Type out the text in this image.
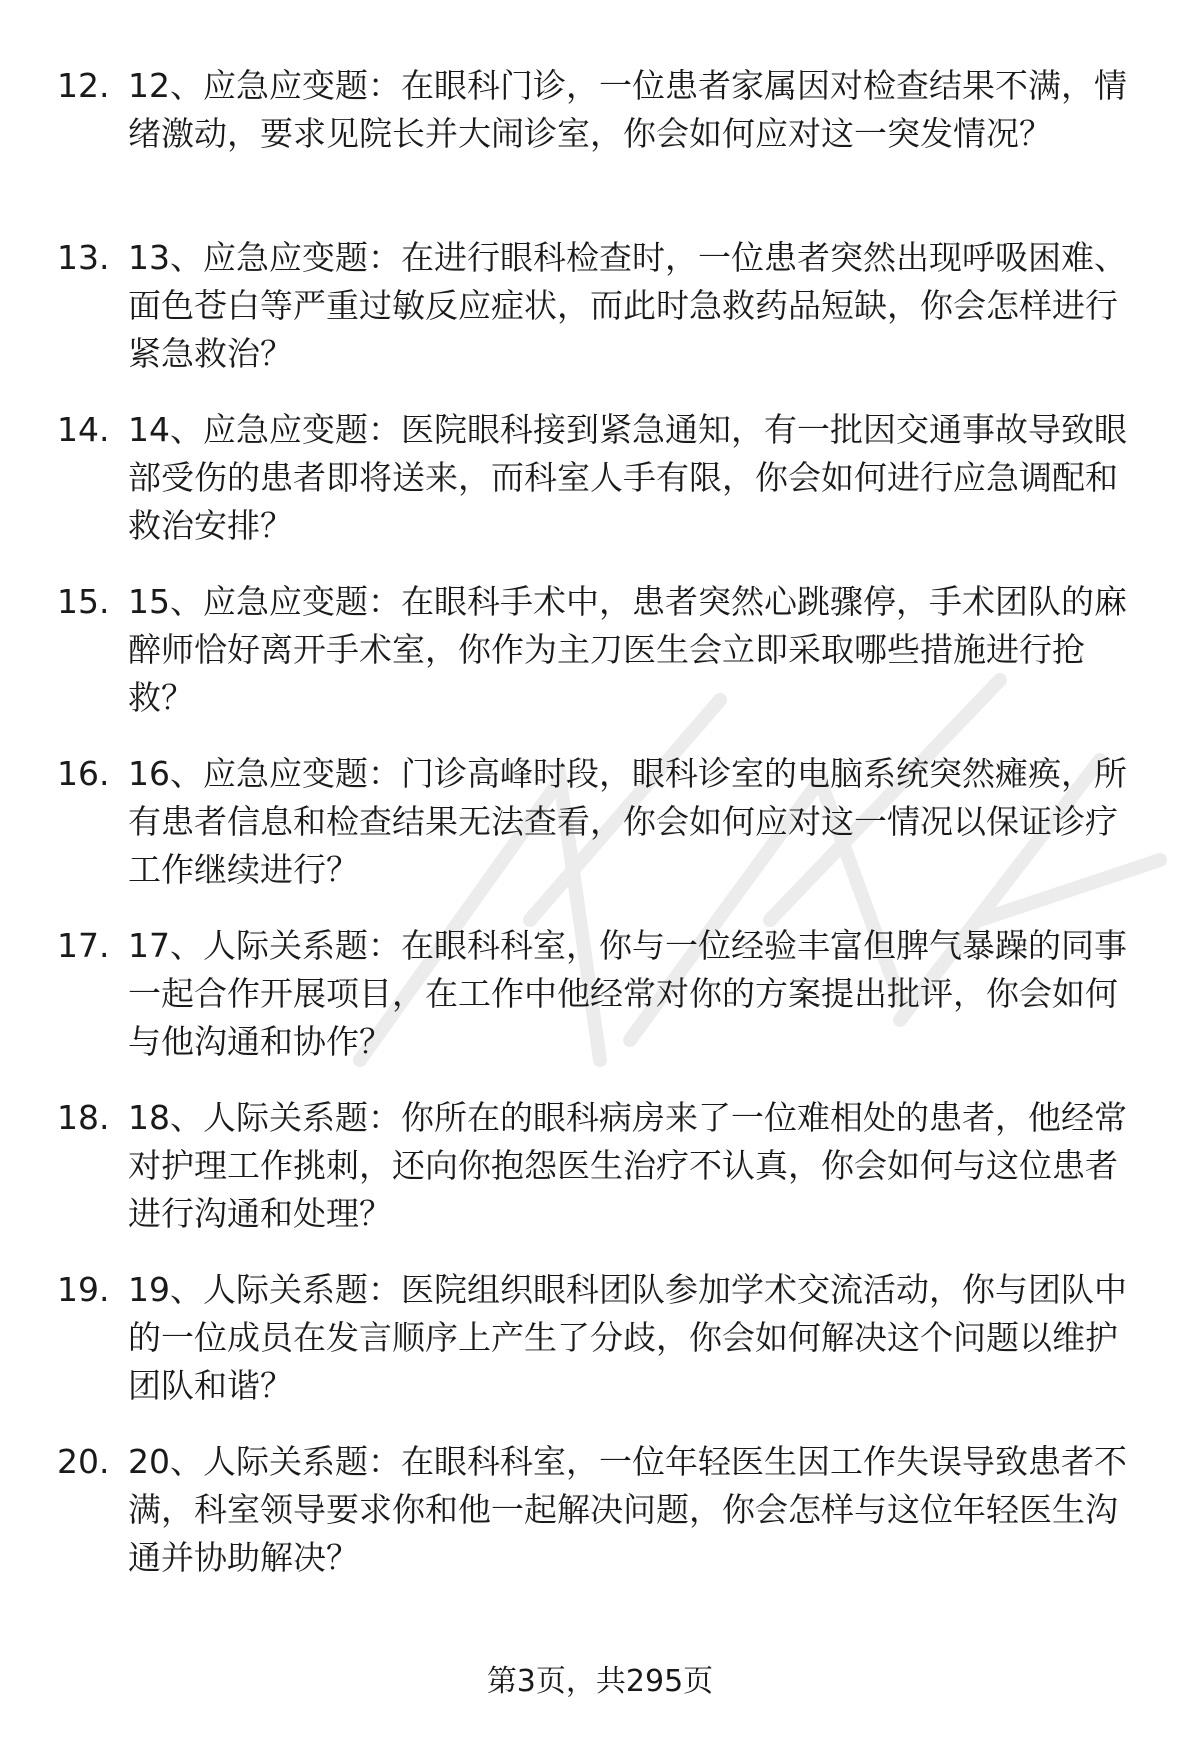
12. 12、应急应变题：在眼科门诊，一位患者家属因对检查结果不满，情绪激动，要求见院长并大闹诊室，你会如何应对这一突发情况？
13. 13、应急应变题：在进行眼科检查时，一位患者突然出现呼吸困难、面色苍白等严重过敏反应症状，而此时急救药品短缺，你会怎样进行紧急救治？
14. 14、应急应变题：医院眼科接到紧急通知，有一批因交通事故导致眼部受伤的患者即将送来，而科室人手有限，你会如何进行应急调配和救治安排？
15. 15、应急应变题：在眼科手术中，患者突然心跳骤停，手术团队的麻醉师恰好离开手术室，你作为主刀医生会立即采取哪些措施进行抢救？
16. 16、应急应变题：门诊高峰时段，眼科诊室的电脑系统突然瘫痪，所有患者信息和检查结果无法查看，你会如何应对这一情况以保证诊疗工作继续进行？
17. 17、人际关系题：在眼科科室，你与一位经验丰富但脾气暴躁的同事一起合作开展项目，在工作中他经常对你的方案提出批评，你会如何与他沟通和协作？
18. 18、人际关系题：你所在的眼科病房来了一位难相处的患者，他经常对护理工作挑刺，还向你抱怨医生治疗不认真，你会如何与这位患者进行沟通和处理？
19. 19、人际关系题：医院组织眼科团队参加学术交流活动，你与团队中的一位成员在发言顺序上产生了分歧，你会如何解决这个问题以维护团队和谐？
20. 20、人际关系题：在眼科科室，一位年轻医生因工作失误导致患者不满，科室领导要求你和他一起解决问题，你会怎样与这位年轻医生沟通并协助解决？
第3页，共295页
